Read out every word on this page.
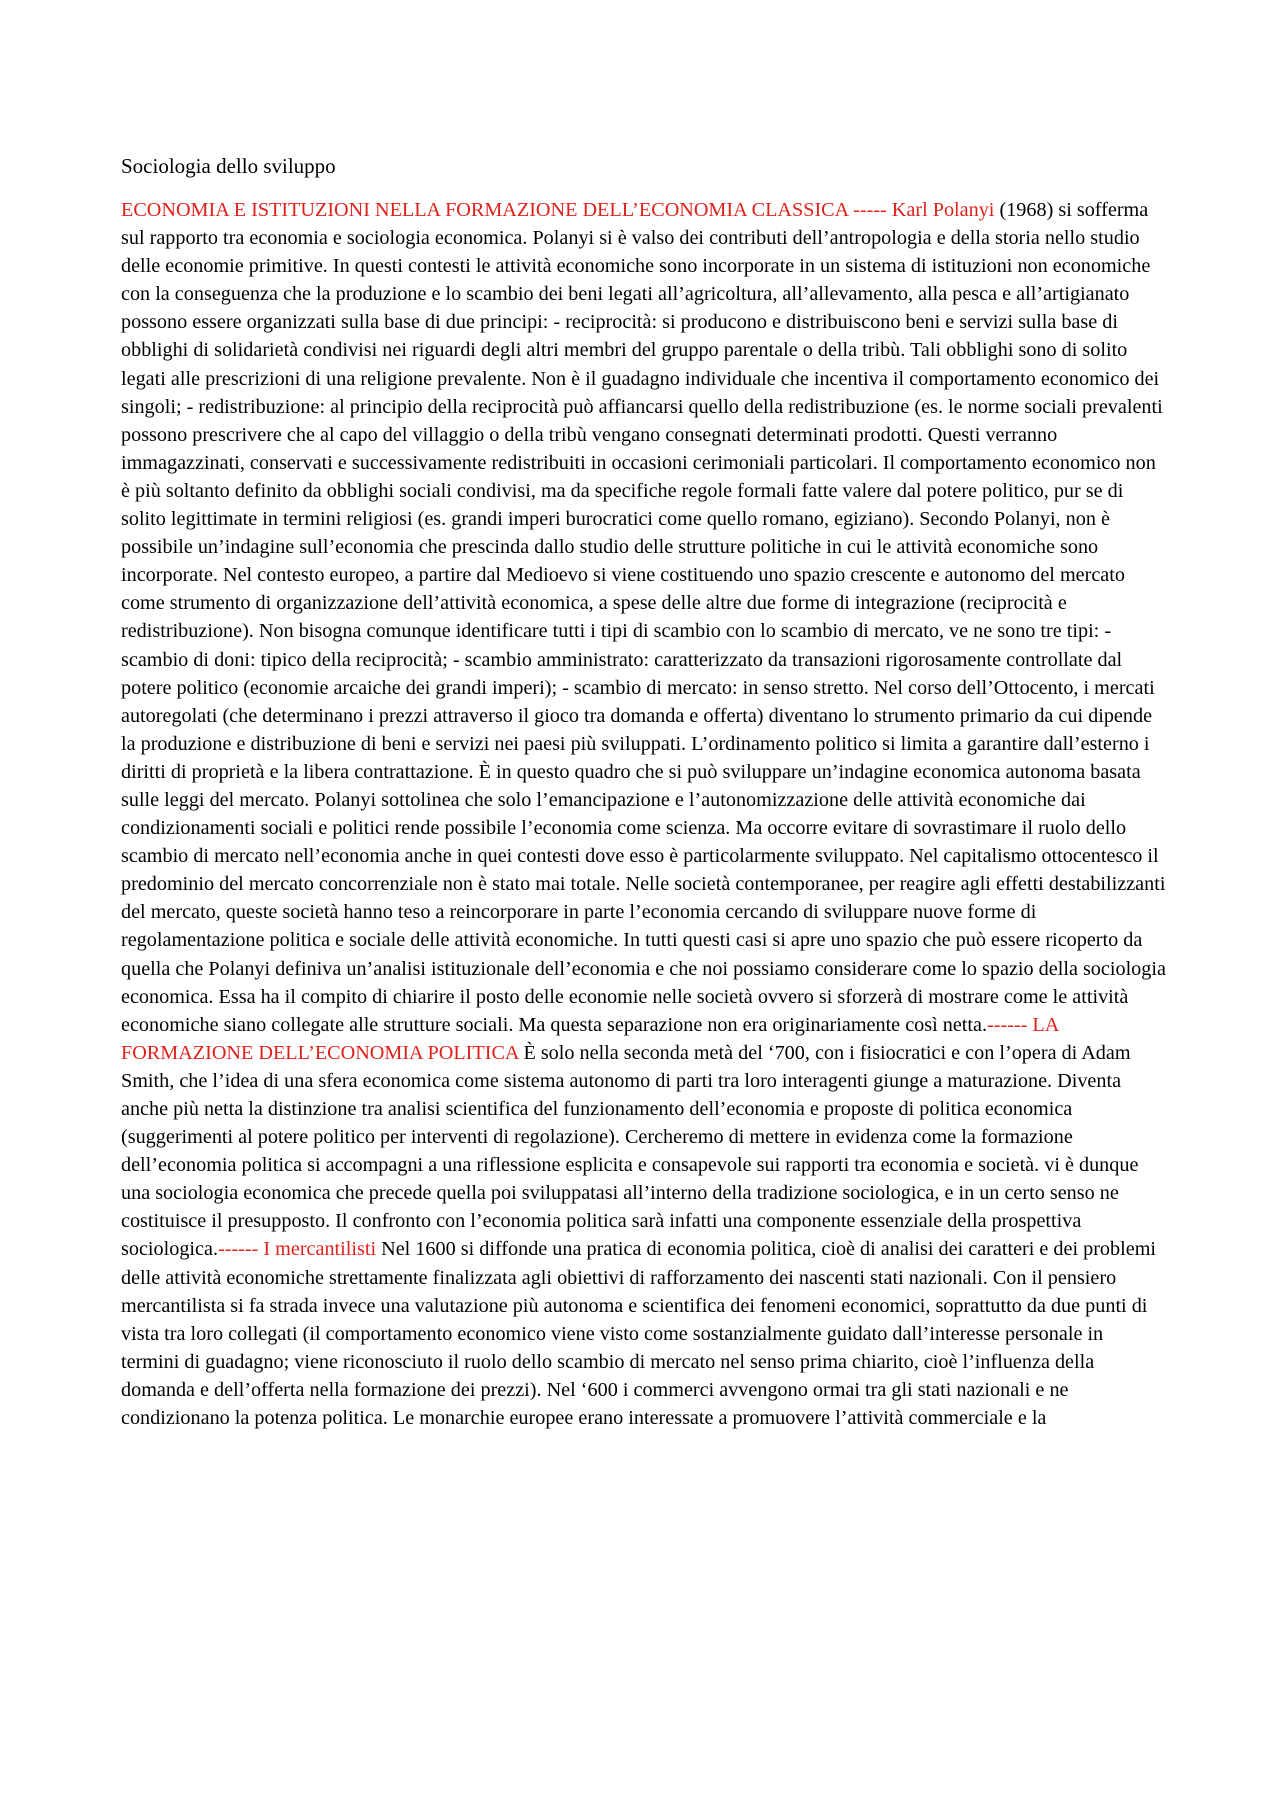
Sociologia dello sviluppo

ECONOMIA E ISTITUZIONI NELLA FORMAZIONE DELL’ECONOMIA CLASSICA ----- Karl Polanyi (1968) si sofferma sul rapporto tra economia e sociologia economica. Polanyi si è valso dei contributi dell’antropologia e della storia nello studio delle economie primitive. In questi contesti le attività economiche sono incorporate in un sistema di istituzioni non economiche con la conseguenza che la produzione e lo scambio dei beni legati all’agricoltura, all’allevamento, alla pesca e all’artigianato possono essere organizzati sulla base di due principi: - reciprocità: si producono e distribuiscono beni e servizi sulla base di obblighi di solidarietà condivisi nei riguardi degli altri membri del gruppo parentale o della tribù. Tali obblighi sono di solito legati alle prescrizioni di una religione prevalente. Non è il guadagno individuale che incentiva il comportamento economico dei singoli; - redistribuzione: al principio della reciprocità può affiancarsi quello della redistribuzione (es. le norme sociali prevalenti possono prescrivere che al capo del villaggio o della tribù vengano consegnati determinati prodotti. Questi verranno immagazzinati, conservati e successivamente redistribuiti in occasioni cerimoniali particolari. Il comportamento economico non è più soltanto definito da obblighi sociali condivisi, ma da specifiche regole formali fatte valere dal potere politico, pur se di solito legittimate in termini religiosi (es. grandi imperi burocratici come quello romano, egiziano). Secondo Polanyi, non è possibile un’indagine sull’economia che prescinda dallo studio delle strutture politiche in cui le attività economiche sono incorporate. Nel contesto europeo, a partire dal Medioevo si viene costituendo uno spazio crescente e autonomo del mercato come strumento di organizzazione dell’attività economica, a spese delle altre due forme di integrazione (reciprocità e redistribuzione). Non bisogna comunque identificare tutti i tipi di scambio con lo scambio di mercato, ve ne sono tre tipi: - scambio di doni: tipico della reciprocità; - scambio amministrato: caratterizzato da transazioni rigorosamente controllate dal potere politico (economie arcaiche dei grandi imperi); - scambio di mercato: in senso stretto. Nel corso dell’Ottocento, i mercati autoregolati (che determinano i prezzi attraverso il gioco tra domanda e offerta) diventano lo strumento primario da cui dipende la produzione e distribuzione di beni e servizi nei paesi più sviluppati. L’ordinamento politico si limita a garantire dall’esterno i diritti di proprietà e la libera contrattazione. È in questo quadro che si può sviluppare un’indagine economica autonoma basata sulle leggi del mercato. Polanyi sottolinea che solo l’emancipazione e l’autonomizzazione delle attività economiche dai condizionamenti sociali e politici rende possibile l’economia come scienza. Ma occorre evitare di sovrastimare il ruolo dello scambio di mercato nell’economia anche in quei contesti dove esso è particolarmente sviluppato. Nel capitalismo ottocentesco il predominio del mercato concorrenziale non è stato mai totale. Nelle società contemporanee, per reagire agli effetti destabilizzanti del mercato, queste società hanno teso a reincorporare in parte l’economia cercando di sviluppare nuove forme di regolamentazione politica e sociale delle attività economiche. In tutti questi casi si apre uno spazio che può essere ricoperto da quella che Polanyi definiva un’analisi istituzionale dell’economia e che noi possiamo considerare come lo spazio della sociologia economica. Essa ha il compito di chiarire il posto delle economie nelle società ovvero si sforzerà di mostrare come le attività economiche siano collegate alle strutture sociali. Ma questa separazione non era originariamente così netta.------ LA FORMAZIONE DELL’ECONOMIA POLITICA È solo nella seconda metà del ‘700, con i fisiocratici e con l’opera di Adam Smith, che l’idea di una sfera economica come sistema autonomo di parti tra loro interagenti giunge a maturazione. Diventa anche più netta la distinzione tra analisi scientifica del funzionamento dell’economia e proposte di politica economica (suggerimenti al potere politico per interventi di regolazione). Cercheremo di mettere in evidenza come la formazione dell’economia politica si accompagni a una riflessione esplicita e consapevole sui rapporti tra economia e società. vi è dunque una sociologia economica che precede quella poi sviluppatasi all’interno della tradizione sociologica, e in un certo senso ne costituisce il presupposto. Il confronto con l’economia politica sarà infatti una componente essenziale della prospettiva sociologica.------ I mercantilisti Nel 1600 si diffonde una pratica di economia politica, cioè di analisi dei caratteri e dei problemi delle attività economiche strettamente finalizzata agli obiettivi di rafforzamento dei nascenti stati nazionali. Con il pensiero mercantilista si fa strada invece una valutazione più autonoma e scientifica dei fenomeni economici, soprattutto da due punti di vista tra loro collegati (il comportamento economico viene visto come sostanzialmente guidato dall’interesse personale in termini di guadagno; viene riconosciuto il ruolo dello scambio di mercato nel senso prima chiarito, cioè l’influenza della domanda e dell’offerta nella formazione dei prezzi). Nel ‘600 i commerci avvengono ormai tra gli stati nazionali e ne condizionano la potenza politica. Le monarchie europee erano interessate a promuovere l’attività commerciale e la
